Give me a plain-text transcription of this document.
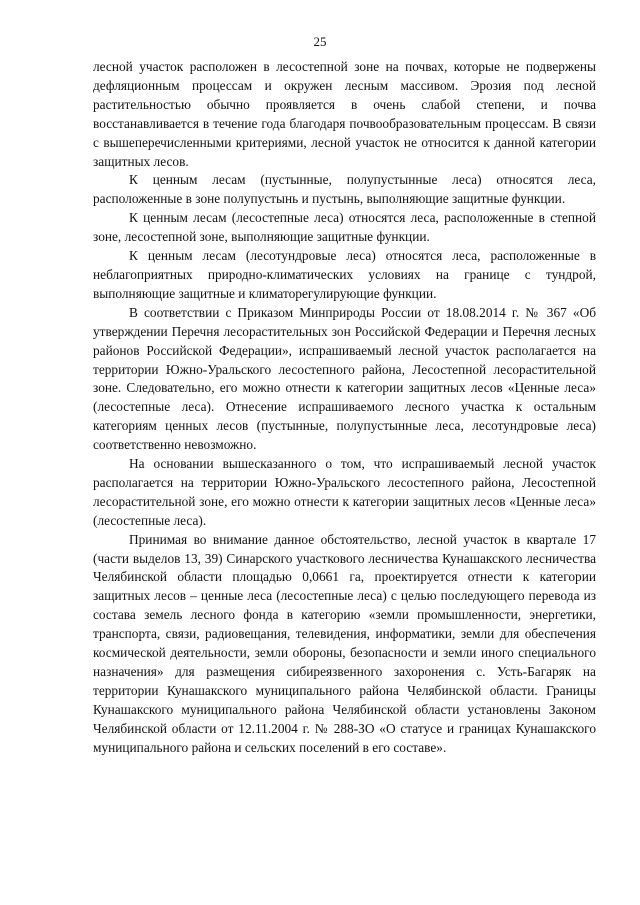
25

лесной участок расположен в лесостепной зоне на почвах, которые не подвержены дефляционным процессам и окружен лесным массивом. Эрозия под лесной растительностью обычно проявляется в очень слабой степени, и почва восстанавливается в течение года благодаря почвообразовательным процессам. В связи с вышеперечисленными критериями, лесной участок не относится к данной категории защитных лесов.

К ценным лесам (пустынные, полупустынные леса) относятся леса, расположенные в зоне полупустынь и пустынь, выполняющие защитные функции.

К ценным лесам (лесостепные леса) относятся леса, расположенные в степной зоне, лесостепной зоне, выполняющие защитные функции.

К ценным лесам (лесотундровые леса) относятся леса, расположенные в неблагоприятных природно-климатических условиях на границе с тундрой, выполняющие защитные и климаторегулирующие функции.

В соответствии с Приказом Минприроды России от 18.08.2014 г. № 367 «Об утверждении Перечня лесорастительных зон Российской Федерации и Перечня лесных районов Российской Федерации», испрашиваемый лесной участок располагается на территории Южно-Уральского лесостепного района, Лесостепной лесорастительной зоне. Следовательно, его можно отнести к категории защитных лесов «Ценные леса» (лесостепные леса). Отнесение испрашиваемого лесного участка к остальным категориям ценных лесов (пустынные, полупустынные леса, лесотундровые леса) соответственно невозможно.

На основании вышесказанного о том, что испрашиваемый лесной участок располагается на территории Южно-Уральского лесостепного района, Лесостепной лесорастительной зоне, его можно отнести к категории защитных лесов «Ценные леса» (лесостепные леса).

Принимая во внимание данное обстоятельство, лесной участок в квартале 17 (части выделов 13, 39) Синарского участкового лесничества Кунашакского лесничества Челябинской области площадью 0,0661 га, проектируется отнести к категории защитных лесов – ценные леса (лесостепные леса) с целью последующего перевода из состава земель лесного фонда в категорию «земли промышленности, энергетики, транспорта, связи, радиовещания, телевидения, информатики, земли для обеспечения космической деятельности, земли обороны, безопасности и земли иного специального назначения» для размещения сибиреязвенного захоронения с. Усть-Багаряк на территории Кунашакского муниципального района Челябинской области. Границы Кунашакского муниципального района Челябинской области установлены Законом Челябинской области от 12.11.2004 г. № 288-ЗО «О статусе и границах Кунашакского муниципального района и сельских поселений в его составе».
